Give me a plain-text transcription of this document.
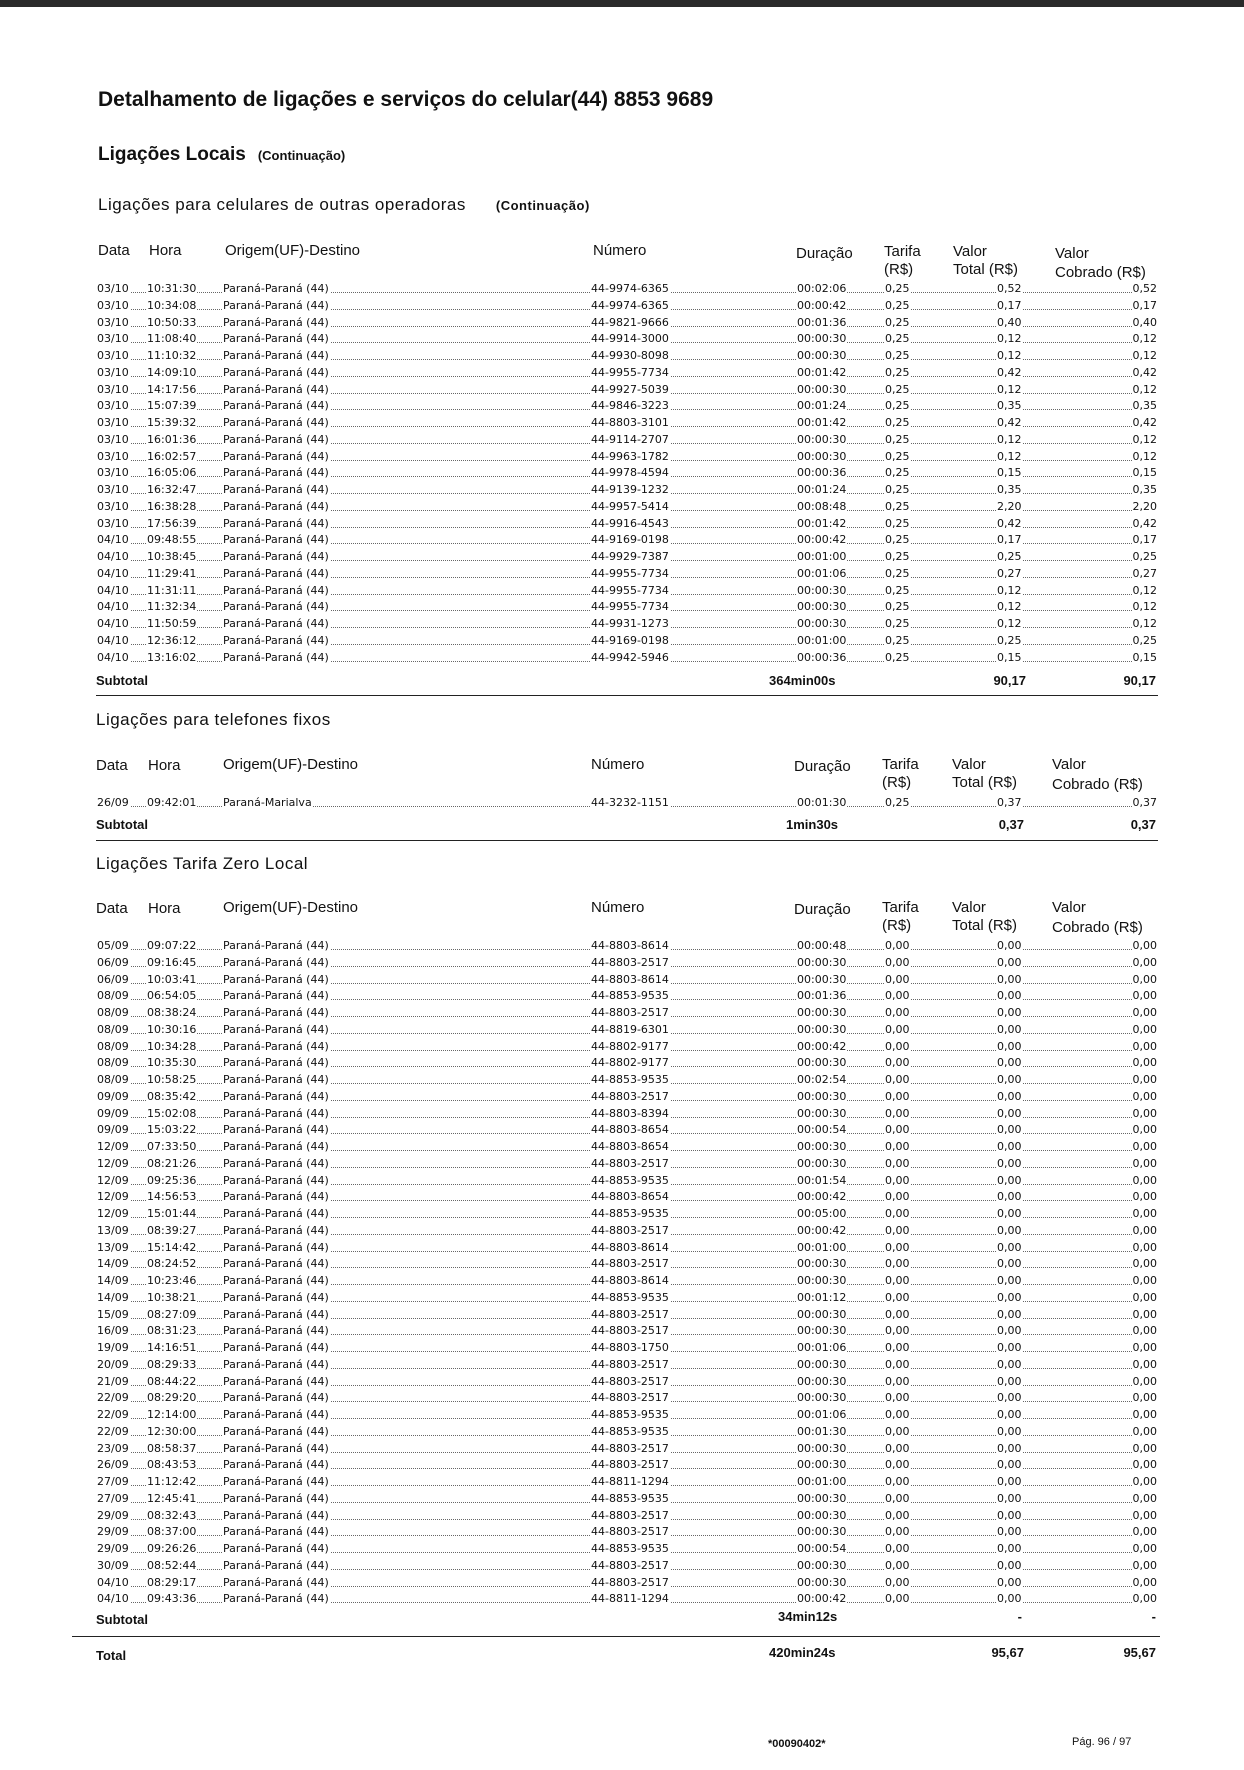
Detalhamento de ligações e serviços do celular(44) 8853 9689
Ligações Locais (Continuação)
Ligações para celulares de outras operadoras (Continuação)
Data Hora	Origem(UF)-Destino	Número	Duração Tarifa
(R$)
Valor
Total (R$)
Valor
Cobrado (R$)
03/10 10:31:30 Paraná-Paraná (44)	44-9974-6365	00:02:06	0,25	0,52	0,52
03/10 10:34:08 Paraná-Paraná (44)	44-9974-6365	00:00:42	0,25	0,17	0,17
03/10 10:50:33 Paraná-Paraná (44)	44-9821-9666	00:01:36	0,25	0,40	0,40
03/10 11:08:40 Paraná-Paraná (44)	44-9914-3000	00:00:30	0,25	0,12	0,12
03/10 11:10:32 Paraná-Paraná (44)	44-9930-8098	00:00:30	0,25	0,12	0,12
03/10 14:09:10 Paraná-Paraná (44)	44-9955-7734	00:01:42	0,25	0,42	0,42
03/10 14:17:56 Paraná-Paraná (44)	44-9927-5039	00:00:30	0,25	0,12	0,12
03/10 15:07:39 Paraná-Paraná (44)	44-9846-3223	00:01:24	0,25	0,35	0,35
03/10 15:39:32 Paraná-Paraná (44)	44-8803-3101	00:01:42	0,25	0,42	0,42
03/10 16:01:36 Paraná-Paraná (44)	44-9114-2707	00:00:30	0,25	0,12	0,12
03/10 16:02:57 Paraná-Paraná (44)	44-9963-1782	00:00:30	0,25	0,12	0,12
03/10 16:05:06 Paraná-Paraná (44)	44-9978-4594	00:00:36	0,25	0,15	0,15
03/10 16:32:47 Paraná-Paraná (44)	44-9139-1232	00:01:24	0,25	0,35	0,35
03/10 16:38:28 Paraná-Paraná (44)	44-9957-5414	00:08:48	0,25	2,20	2,20
03/10 17:56:39 Paraná-Paraná (44)	44-9916-4543	00:01:42	0,25	0,42	0,42
04/10 09:48:55 Paraná-Paraná (44)	44-9169-0198	00:00:42	0,25	0,17	0,17
04/10 10:38:45 Paraná-Paraná (44)	44-9929-7387	00:01:00	0,25	0,25	0,25
04/10 11:29:41 Paraná-Paraná (44)	44-9955-7734	00:01:06	0,25	0,27	0,27
04/10 11:31:11 Paraná-Paraná (44)	44-9955-7734	00:00:30	0,25	0,12	0,12
04/10 11:32:34 Paraná-Paraná (44)	44-9955-7734	00:00:30	0,25	0,12	0,12
04/10 11:50:59 Paraná-Paraná (44)	44-9931-1273	00:00:30	0,25	0,12	0,12
04/10 12:36:12 Paraná-Paraná (44)	44-9169-0198	00:01:00	0,25	0,25	0,25
04/10 13:16:02 Paraná-Paraná (44)	44-9942-5946	00:00:36	0,25	0,15	0,15
Subtotal	364min00s	90,17	90,17
Ligações para telefones fixos
Data Hora	Origem(UF)-Destino	Número	Duração Tarifa
(R$)
Valor
Total (R$)
Valor
Cobrado (R$)
26/09 09:42:01 Paraná-Marialva	44-3232-1151	00:01:30	0,25	0,37	0,37
Subtotal	1min30s	0,37	0,37
Ligações Tarifa Zero Local
Data Hora	Origem(UF)-Destino	Número	Duração Tarifa
(R$)
Valor
Total (R$)
Valor
Cobrado (R$)
05/09 09:07:22 Paraná-Paraná (44)	44-8803-8614	00:00:48	0,00	0,00	0,00
06/09 09:16:45 Paraná-Paraná (44)	44-8803-2517	00:00:30	0,00	0,00	0,00
06/09 10:03:41 Paraná-Paraná (44)	44-8803-8614	00:00:30	0,00	0,00	0,00
08/09 06:54:05 Paraná-Paraná (44)	44-8853-9535	00:01:36	0,00	0,00	0,00
08/09 08:38:24 Paraná-Paraná (44)	44-8803-2517	00:00:30	0,00	0,00	0,00
08/09 10:30:16 Paraná-Paraná (44)	44-8819-6301	00:00:30	0,00	0,00	0,00
08/09 10:34:28 Paraná-Paraná (44)	44-8802-9177	00:00:42	0,00	0,00	0,00
08/09 10:35:30 Paraná-Paraná (44)	44-8802-9177	00:00:30	0,00	0,00	0,00
08/09 10:58:25 Paraná-Paraná (44)	44-8853-9535	00:02:54	0,00	0,00	0,00
09/09 08:35:42 Paraná-Paraná (44)	44-8803-2517	00:00:30	0,00	0,00	0,00
09/09 15:02:08 Paraná-Paraná (44)	44-8803-8394	00:00:30	0,00	0,00	0,00
09/09 15:03:22 Paraná-Paraná (44)	44-8803-8654	00:00:54	0,00	0,00	0,00
12/09 07:33:50 Paraná-Paraná (44)	44-8803-8654	00:00:30	0,00	0,00	0,00
12/09 08:21:26 Paraná-Paraná (44)	44-8803-2517	00:00:30	0,00	0,00	0,00
12/09 09:25:36 Paraná-Paraná (44)	44-8853-9535	00:01:54	0,00	0,00	0,00
12/09 14:56:53 Paraná-Paraná (44)	44-8803-8654	00:00:42	0,00	0,00	0,00
12/09 15:01:44 Paraná-Paraná (44)	44-8853-9535	00:05:00	0,00	0,00	0,00
13/09 08:39:27 Paraná-Paraná (44)	44-8803-2517	00:00:42	0,00	0,00	0,00
13/09 15:14:42 Paraná-Paraná (44)	44-8803-8614	00:01:00	0,00	0,00	0,00
14/09 08:24:52 Paraná-Paraná (44)	44-8803-2517	00:00:30	0,00	0,00	0,00
14/09 10:23:46 Paraná-Paraná (44)	44-8803-8614	00:00:30	0,00	0,00	0,00
14/09 10:38:21 Paraná-Paraná (44)	44-8853-9535	00:01:12	0,00	0,00	0,00
15/09 08:27:09 Paraná-Paraná (44)	44-8803-2517	00:00:30	0,00	0,00	0,00
16/09 08:31:23 Paraná-Paraná (44)	44-8803-2517	00:00:30	0,00	0,00	0,00
19/09 14:16:51 Paraná-Paraná (44)	44-8803-1750	00:01:06	0,00	0,00	0,00
20/09 08:29:33 Paraná-Paraná (44)	44-8803-2517	00:00:30	0,00	0,00	0,00
21/09 08:44:22 Paraná-Paraná (44)	44-8803-2517	00:00:30	0,00	0,00	0,00
22/09 08:29:20 Paraná-Paraná (44)	44-8803-2517	00:00:30	0,00	0,00	0,00
22/09 12:14:00 Paraná-Paraná (44)	44-8853-9535	00:01:06	0,00	0,00	0,00
22/09 12:30:00 Paraná-Paraná (44)	44-8853-9535	00:01:30	0,00	0,00	0,00
23/09 08:58:37 Paraná-Paraná (44)	44-8803-2517	00:00:30	0,00	0,00	0,00
26/09 08:43:53 Paraná-Paraná (44)	44-8803-2517	00:00:30	0,00	0,00	0,00
27/09 11:12:42 Paraná-Paraná (44)	44-8811-1294	00:01:00	0,00	0,00	0,00
27/09 12:45:41 Paraná-Paraná (44)	44-8853-9535	00:00:30	0,00	0,00	0,00
29/09 08:32:43 Paraná-Paraná (44)	44-8803-2517	00:00:30	0,00	0,00	0,00
29/09 08:37:00 Paraná-Paraná (44)	44-8803-2517	00:00:30	0,00	0,00	0,00
29/09 09:26:26 Paraná-Paraná (44)	44-8853-9535	00:00:54	0,00	0,00	0,00
30/09 08:52:44 Paraná-Paraná (44)	44-8803-2517	00:00:30	0,00	0,00	0,00
04/10 08:29:17 Paraná-Paraná (44)	44-8803-2517	00:00:30	0,00	0,00	0,00
04/10 09:43:36 Paraná-Paraná (44)	44-8811-1294	00:00:42	0,00	0,00	0,00
Subtotal	34min12s	-	-
Total	420min24s	95,67	95,67
*00090402*	Pág. 96 / 97
